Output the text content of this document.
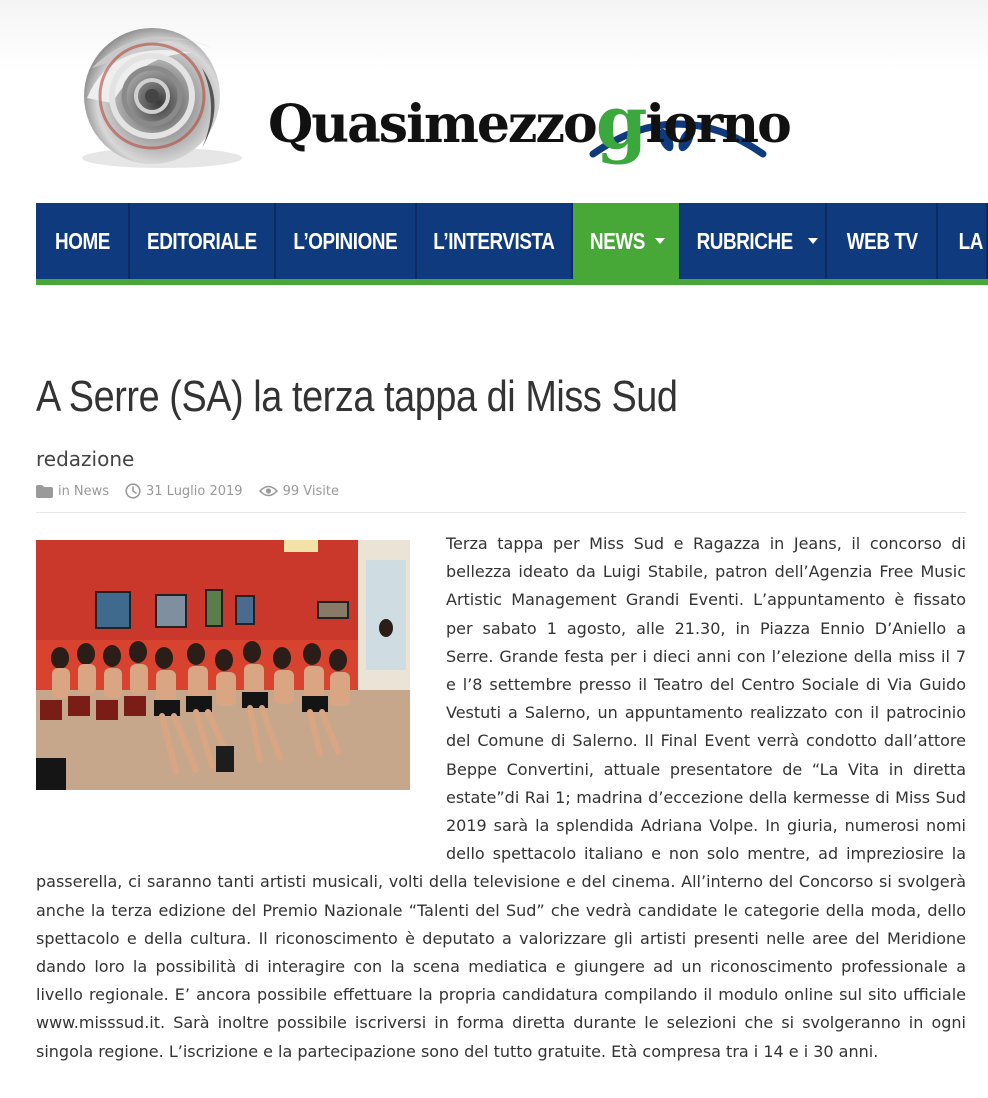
Quasimezzogiorno
HOME EDITORIALE L’OPINIONE L’INTERVISTA NEWS RUBRICHE WEB TV LA
A Serre (SA) la terza tappa di Miss Sud
redazione
in News	31 Luglio 2019	99 Visite
Terza tappa per Miss Sud e Ragazza in Jeans, il concorso di bellezza ideato da Luigi Stabile, patron dell’Agenzia Free Music Artistic Management Grandi Eventi. L’appuntamento è fissato per sabato 1 agosto, alle 21.30, in Piazza Ennio D’Aniello a Serre. Grande festa per i dieci anni con l’elezione della miss il 7 e l’8 settembre presso il Teatro del Centro Sociale di Via Guido Vestuti a Salerno, un appuntamento realizzato con il patrocinio del Comune di Salerno. Il Final Event verrà condotto dall’attore Beppe Convertini, attuale presentatore de “La Vita in diretta estate”di Rai 1; madrina d’eccezione della kermesse di Miss Sud 2019 sarà la splendida Adriana Volpe. In giuria, numerosi nomi dello spettacolo italiano e non solo mentre, ad impreziosire la passerella, ci saranno tanti artisti musicali, volti della televisione e del cinema. All’interno del Concorso si svolgerà anche la terza edizione del Premio Nazionale “Talenti del Sud” che vedrà candidate le categorie della moda, dello spettacolo e della cultura. Il riconoscimento è deputato a valorizzare gli artisti presenti nelle aree del Meridione dando loro la possibilità di interagire con la scena mediatica e giungere ad un riconoscimento professionale a livello regionale. E’ ancora possibile effettuare la propria candidatura compilando il modulo online sul sito ufficiale www.misssud.it. Sarà inoltre possibile iscriversi in forma diretta durante le selezioni che si svolgeranno in ogni singola regione. L’iscrizione e la partecipazione sono del tutto gratuite. Età compresa tra i 14 e i 30 anni.
